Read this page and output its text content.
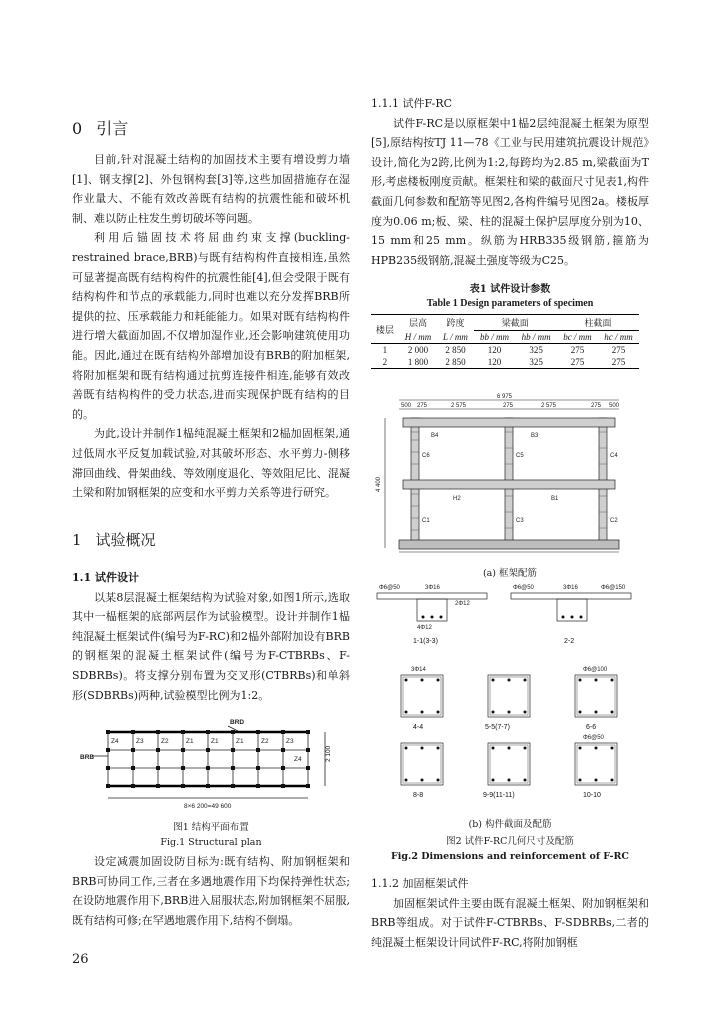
0 引言

目前,针对混凝土结构的加固技术主要有增设剪力墙[1]、钢支撑[2]、外包钢构套[3]等,这些加固措施存在湿作业量大、不能有效改善既有结构的抗震性能和破坏机制、难以防止柱发生剪切破坏等问题。

利用后锚固技术将屈曲约束支撑(buckling-restrained brace,BRB)与既有结构构件直接相连,虽然可显著提高既有结构构件的抗震性能[4],但会受限于既有结构构件和节点的承载能力,同时也难以充分发挥BRB所提供的拉、压承载能力和耗能能力。如果对既有结构构件进行增大截面加固,不仅增加湿作业,还会影响建筑使用功能。因此,通过在既有结构外部增加设有BRB的附加框架,将附加框架和既有结构通过抗剪连接件相连,能够有效改善既有结构构件的受力状态,进而实现保护既有结构的目的。

为此,设计并制作1榀纯混凝土框架和2榀加固框架,通过低周水平反复加载试验,对其破坏形态、水平剪力-侧移滞回曲线、骨架曲线、等效刚度退化、等效阻尼比、混凝土梁和附加钢框架的应变和水平剪力关系等进行研究。

1 试验概况

1.1 试件设计

以某8层混凝土框架结构为试验对象,如图1所示,选取其中一榀框架的底部两层作为试验模型。设计并制作1榀纯混凝土框架试件(编号为F-RC)和2榀外部附加设有BRB的钢框架的混凝土框架试件(编号为F-CTBRBs、F-SDBRBs)。将支撑分别布置为交叉形(CTBRBs)和单斜形(SDBRBs)两种,试验模型比例为1:2。

Z4	Z3	Z2	Z1	Z1	Z1	Z2	Z3
Z4
BRD
BRB
8×6 200=49 600
2 100
图1 结构平面布置
Fig.1 Structural plan

设定减震加固设防目标为:既有结构、附加钢框架和BRB可协同工作,三者在多遇地震作用下均保持弹性状态;在设防地震作用下,BRB进入屈服状态,附加钢框架不屈服,既有结构可修;在罕遇地震作用下,结构不倒塌。

26

1.1.1 试件F-RC

试件F-RC是以原框架中1榀2层纯混凝土框架为原型[5],原结构按TJ 11—78《工业与民用建筑抗震设计规范》设计,简化为2跨,比例为1:2,每跨均为2.85 m,梁截面为T形,考虑楼板刚度贡献。框架柱和梁的截面尺寸见表1,构件截面几何参数和配筋等见图2,各构件编号见图2a。楼板厚度为0.06 m;板、梁、柱的混凝土保护层厚度分别为10、15 mm和25 mm。纵筋为HRB335级钢筋,箍筋为HPB235级钢筋,混凝土强度等级为C25。

表1 试件设计参数
Table 1 Design parameters of specimen
楼层	层高	跨度	梁截面		柱截面	
	H / mm	L / mm	bb / mm	hb / mm	bc / mm	hc / mm
1	2 000	2 850	120	325	275	275
2	1 800	2 850	120	325	275	275
6 975
500 275	2 575	275	2 575	275 500
4 400
B4	B3
H2	B1
C6	C5	C4
C1	C3	C2
(a) 框架配筋
Φ6@50	3Φ16
2Φ12
Φ6@50	3Φ16	Φ6@150
4Φ12
3Φ14	Φ6@100
Φ6@50
1-1(3-3)	2-2
4-4	5-5(7-7)	6-6
8-8	9-9(11-11)	10-10
(b) 构件截面及配筋
图2 试件F-RC几何尺寸及配筋
Fig.2 Dimensions and reinforcement of F-RC

1.1.2 加固框架试件

加固框架试件主要由既有混凝土框架、附加钢框架和BRB等组成。对于试件F-CTBRBs、F-SDBRBs,二者的纯混凝土框架设计同试件F-RC,将附加钢框
